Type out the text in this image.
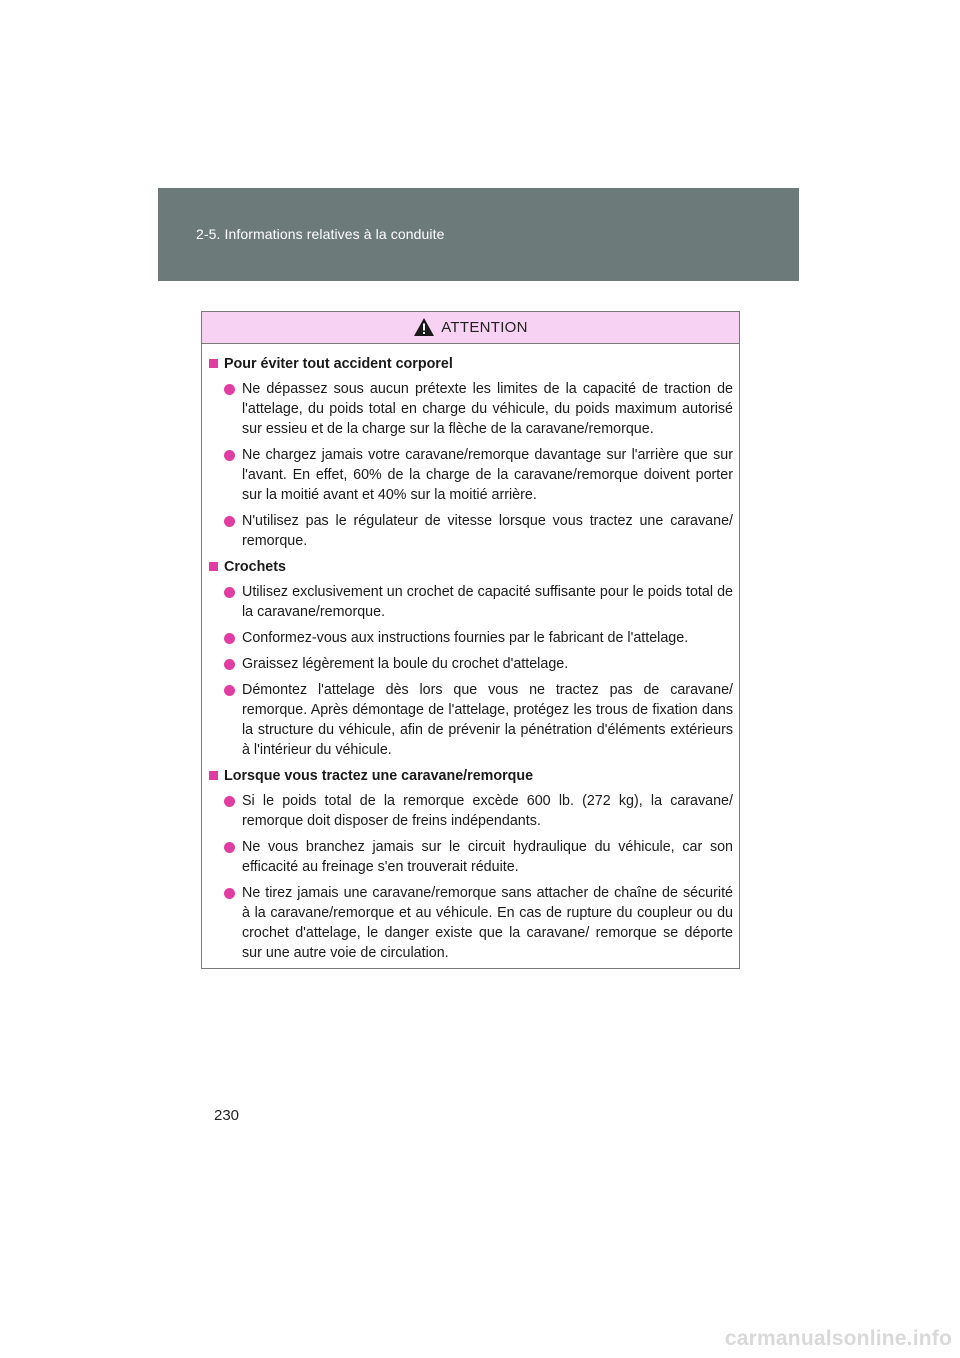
2-5. Informations relatives à la conduite
ATTENTION
Pour éviter tout accident corporel
Ne dépassez sous aucun prétexte les limites de la capacité de traction de l'attelage, du poids total en charge du véhicule, du poids maximum autorisé sur essieu et de la charge sur la flèche de la caravane/remorque.
Ne chargez jamais votre caravane/remorque davantage sur l'arrière que sur l'avant. En effet, 60% de la charge de la caravane/remorque doivent porter sur la moitié avant et 40% sur la moitié arrière.
N'utilisez pas le régulateur de vitesse lorsque vous tractez une caravane/ remorque.
Crochets
Utilisez exclusivement un crochet de capacité suffisante pour le poids total de la caravane/remorque.
Conformez-vous aux instructions fournies par le fabricant de l'attelage.
Graissez légèrement la boule du crochet d'attelage.
Démontez l'attelage dès lors que vous ne tractez pas de caravane/ remorque. Après démontage de l'attelage, protégez les trous de fixation dans la structure du véhicule, afin de prévenir la pénétration d'éléments extérieurs à l'intérieur du véhicule.
Lorsque vous tractez une caravane/remorque
Si le poids total de la remorque excède 600 lb. (272 kg), la caravane/ remorque doit disposer de freins indépendants.
Ne vous branchez jamais sur le circuit hydraulique du véhicule, car son efficacité au freinage s'en trouverait réduite.
Ne tirez jamais une caravane/remorque sans attacher de chaîne de sécurité à la caravane/remorque et au véhicule. En cas de rupture du coupleur ou du crochet d'attelage, le danger existe que la caravane/ remorque se déporte sur une autre voie de circulation.
230
carmanualsonline.info
